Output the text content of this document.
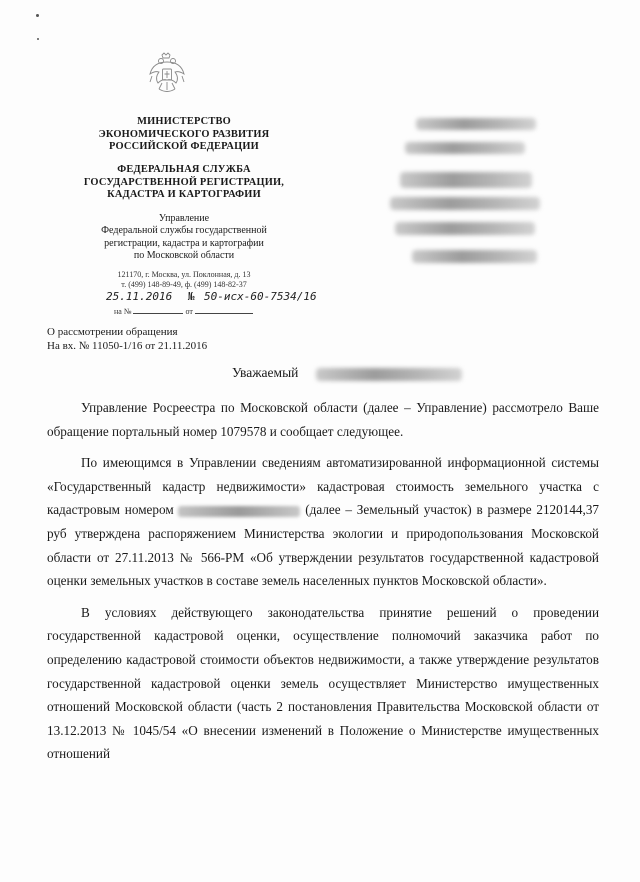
МИНИСТЕРСТВО
ЭКОНОМИЧЕСКОГО РАЗВИТИЯ
РОССИЙСКОЙ ФЕДЕРАЦИИ
ФЕДЕРАЛЬНАЯ СЛУЖБА
ГОСУДАРСТВЕННОЙ РЕГИСТРАЦИИ,
КАДАСТРА И КАРТОГРАФИИ
Управление
Федеральной службы государственной
регистрации, кадастра и картографии
по Московской области
121170, г. Москва, ул. Поклонная, д. 13
т. (499) 148-89-49, ф. (499) 148-82-37
25.11.2016 № 50-исх-60-7534/16
на №	от
О рассмотрении обращения
На вх. № 11050-1/16 от 21.11.2016
Уважаемый

Управление Росреестра по Московской области (далее – Управление) рассмотрело Ваше обращение портальный номер 1079578 и сообщает следующее.

По имеющимся в Управлении сведениям автоматизированной информационной системы «Государственный кадастр недвижимости» кадастровая стоимость земельного участка с кадастровым номером	(далее – Земельный участок) в размере 2120144,37 руб утверждена распоряжением Министерства экологии и природопользования Московской области от 27.11.2013 № 566-РМ «Об утверждении результатов государственной кадастровой оценки земельных участков в составе земель населенных пунктов Московской области».

В условиях действующего законодательства принятие решений о проведении государственной кадастровой оценки, осуществление полномочий заказчика работ по определению кадастровой стоимости объектов недвижимости, а также утверждение результатов государственной кадастровой оценки земель осуществляет Министерство имущественных отношений Московской области (часть 2 постановления Правительства Московской области от 13.12.2013 № 1045/54 «О внесении изменений в Положение о Министерстве имущественных отношений
